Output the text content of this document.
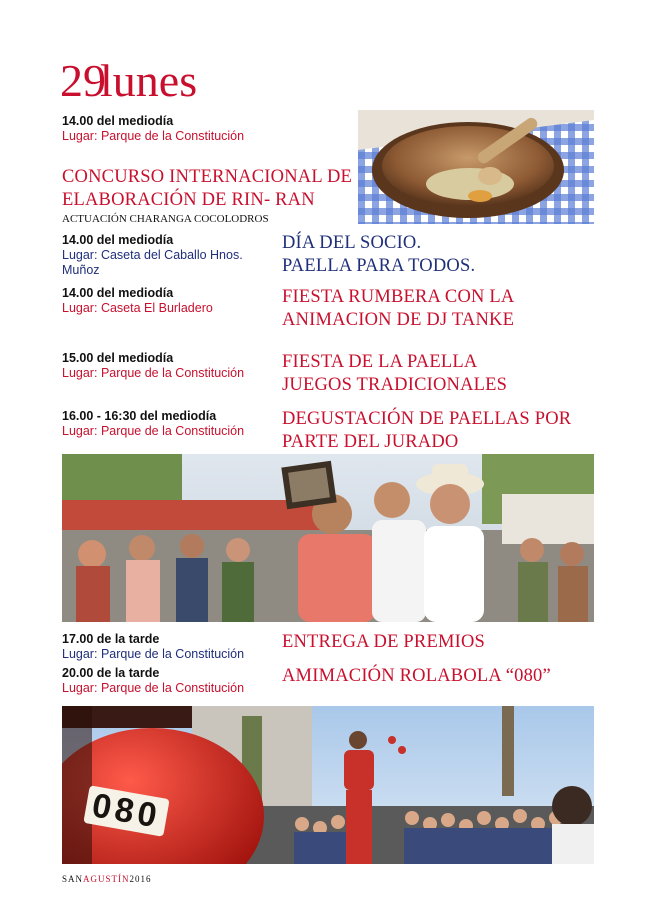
29lunes
14.00 del mediodía
Lugar: Parque de la Constitución
CONCURSO INTERNACIONAL DE
ELABORACIÓN DE RIN- RAN
ACTUACIÓN CHARANGA COCOLODROS
14.00 del mediodía
Lugar: Caseta del Caballo Hnos.
Muñoz
DÍA DEL SOCIO.
PAELLA PARA TODOS.
14.00 del mediodía
Lugar: Caseta El Burladero
FIESTA RUMBERA CON LA
ANIMACION DE DJ TANKE
15.00 del mediodía
Lugar: Parque de la Constitución
FIESTA DE LA PAELLA
JUEGOS TRADICIONALES
16.00 - 16:30 del mediodía
Lugar: Parque de la Constitución
DEGUSTACIÓN DE PAELLAS POR
PARTE DEL JURADO
17.00 de la tarde
Lugar: Parque de la Constitución
ENTREGA DE PREMIOS
20.00 de la tarde
Lugar: Parque de la Constitución
AMIMACIÓN ROLABOLA “080”
080
SANAGUSTÍN2016
